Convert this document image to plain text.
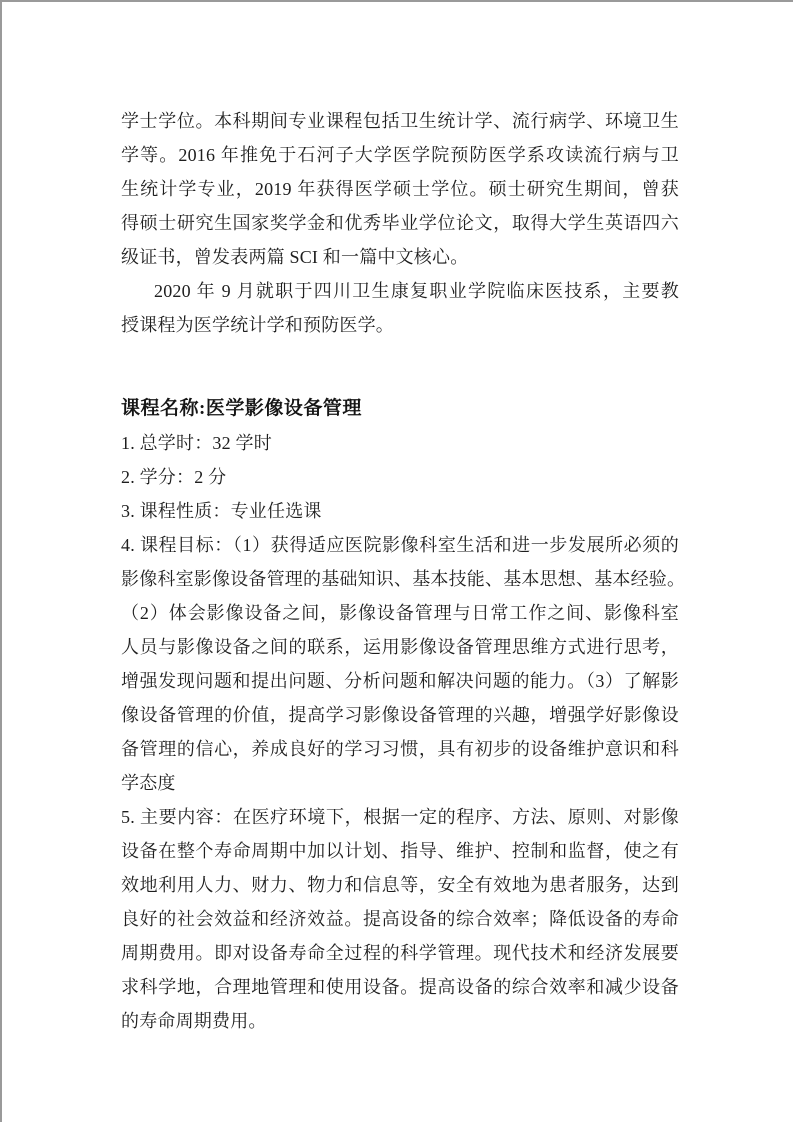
学士学位。本科期间专业课程包括卫生统计学、流行病学、环境卫生
学等。2016 年推免于石河子大学医学院预防医学系攻读流行病与卫
生统计学专业，2019 年获得医学硕士学位。硕士研究生期间，曾获
得硕士研究生国家奖学金和优秀毕业学位论文，取得大学生英语四六
级证书，曾发表两篇 SCI 和一篇中文核心。
2020 年 9 月就职于四川卫生康复职业学院临床医技系，主要教
授课程为医学统计学和预防医学。
课程名称:医学影像设备管理
1. 总学时：32 学时
2. 学分：2 分
3. 课程性质：专业任选课
4. 课程目标：（1）获得适应医院影像科室生活和进一步发展所必须的
影像科室影像设备管理的基础知识、基本技能、基本思想、基本经验。
（2）体会影像设备之间，影像设备管理与日常工作之间、影像科室
人员与影像设备之间的联系，运用影像设备管理思维方式进行思考，
增强发现问题和提出问题、分析问题和解决问题的能力。（3）了解影
像设备管理的价值，提高学习影像设备管理的兴趣，增强学好影像设
备管理的信心，养成良好的学习习惯，具有初步的设备维护意识和科
学态度
5. 主要内容：在医疗环境下，根据一定的程序、方法、原则、对影像
设备在整个寿命周期中加以计划、指导、维护、控制和监督，使之有
效地利用人力、财力、物力和信息等，安全有效地为患者服务，达到
良好的社会效益和经济效益。提高设备的综合效率；降低设备的寿命
周期费用。即对设备寿命全过程的科学管理。现代技术和经济发展要
求科学地，合理地管理和使用设备。提高设备的综合效率和减少设备
的寿命周期费用。
